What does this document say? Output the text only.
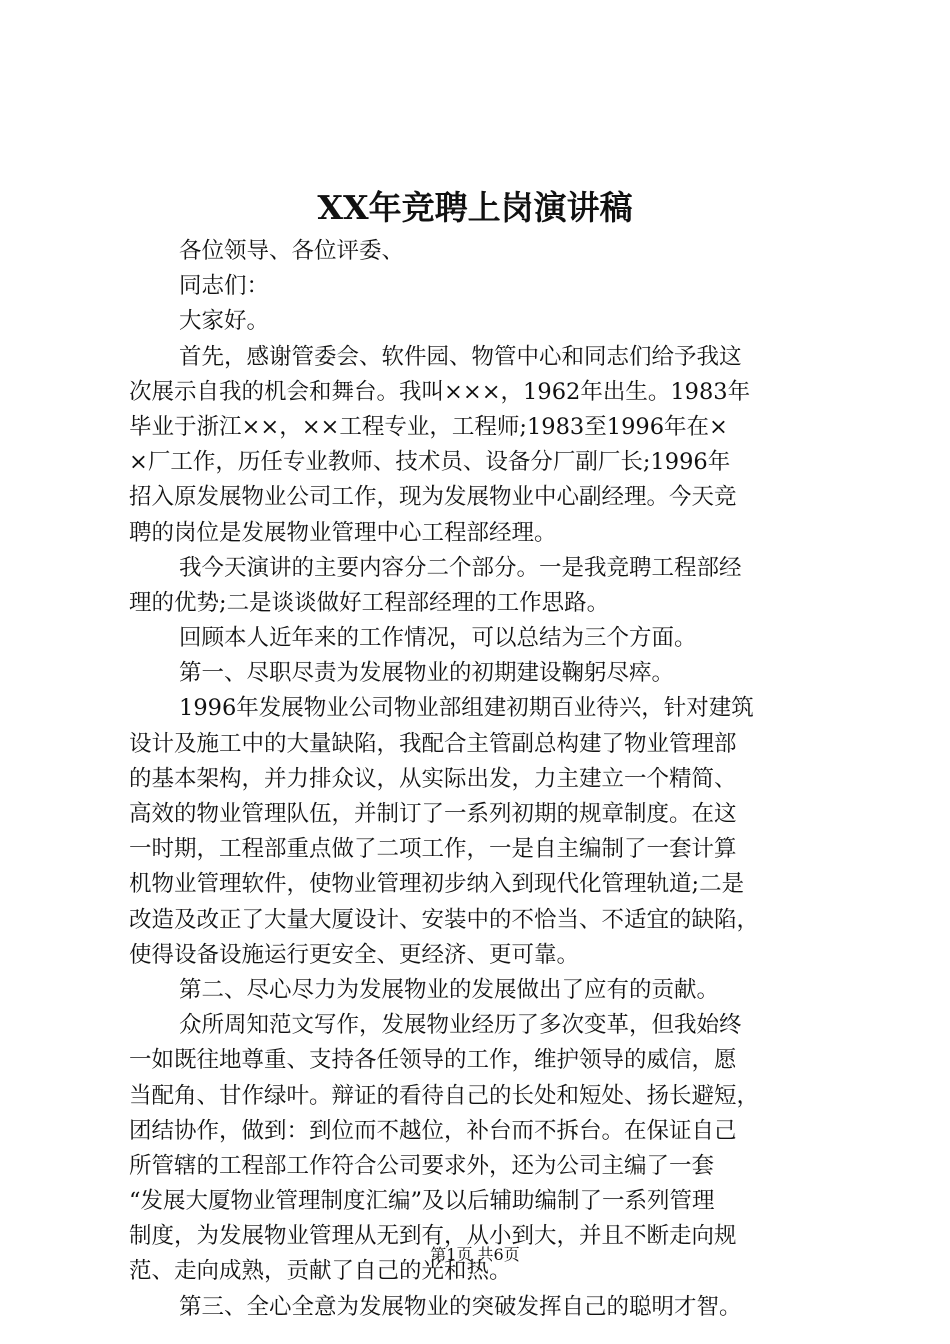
XX年竞聘上岗演讲稿
各位领导、各位评委、
同志们：
大家好。
首先，感谢管委会、软件园、物管中心和同志们给予我这
次展示自我的机会和舞台。我叫×××，1962年出生。1983年
毕业于浙江××，××工程专业，工程师;1983至1996年在×
×厂工作，历任专业教师、技术员、设备分厂副厂长;1996年
招入原发展物业公司工作，现为发展物业中心副经理。今天竞
聘的岗位是发展物业管理中心工程部经理。
我今天演讲的主要内容分二个部分。一是我竞聘工程部经
理的优势;二是谈谈做好工程部经理的工作思路。
回顾本人近年来的工作情况，可以总结为三个方面。
第一、尽职尽责为发展物业的初期建设鞠躬尽瘁。
1996年发展物业公司物业部组建初期百业待兴，针对建筑
设计及施工中的大量缺陷，我配合主管副总构建了物业管理部
的基本架构，并力排众议，从实际出发，力主建立一个精简、
高效的物业管理队伍，并制订了一系列初期的规章制度。在这
一时期，工程部重点做了二项工作，一是自主编制了一套计算
机物业管理软件，使物业管理初步纳入到现代化管理轨道;二是
改造及改正了大量大厦设计、安装中的不恰当、不适宜的缺陷，
使得设备设施运行更安全、更经济、更可靠。
第二、尽心尽力为发展物业的发展做出了应有的贡献。
众所周知范文写作，发展物业经历了多次变革，但我始终
一如既往地尊重、支持各任领导的工作，维护领导的威信，愿
当配角、甘作绿叶。辩证的看待自己的长处和短处、扬长避短，
团结协作，做到：到位而不越位，补台而不拆台。在保证自己
所管辖的工程部工作符合公司要求外，还为公司主编了一套
“发展大厦物业管理制度汇编”及以后辅助编制了一系列管理
制度，为发展物业管理从无到有，从小到大，并且不断走向规
范、走向成熟，贡献了自己的光和热。
第三、全心全意为发展物业的突破发挥自己的聪明才智。
第1页 共6页
